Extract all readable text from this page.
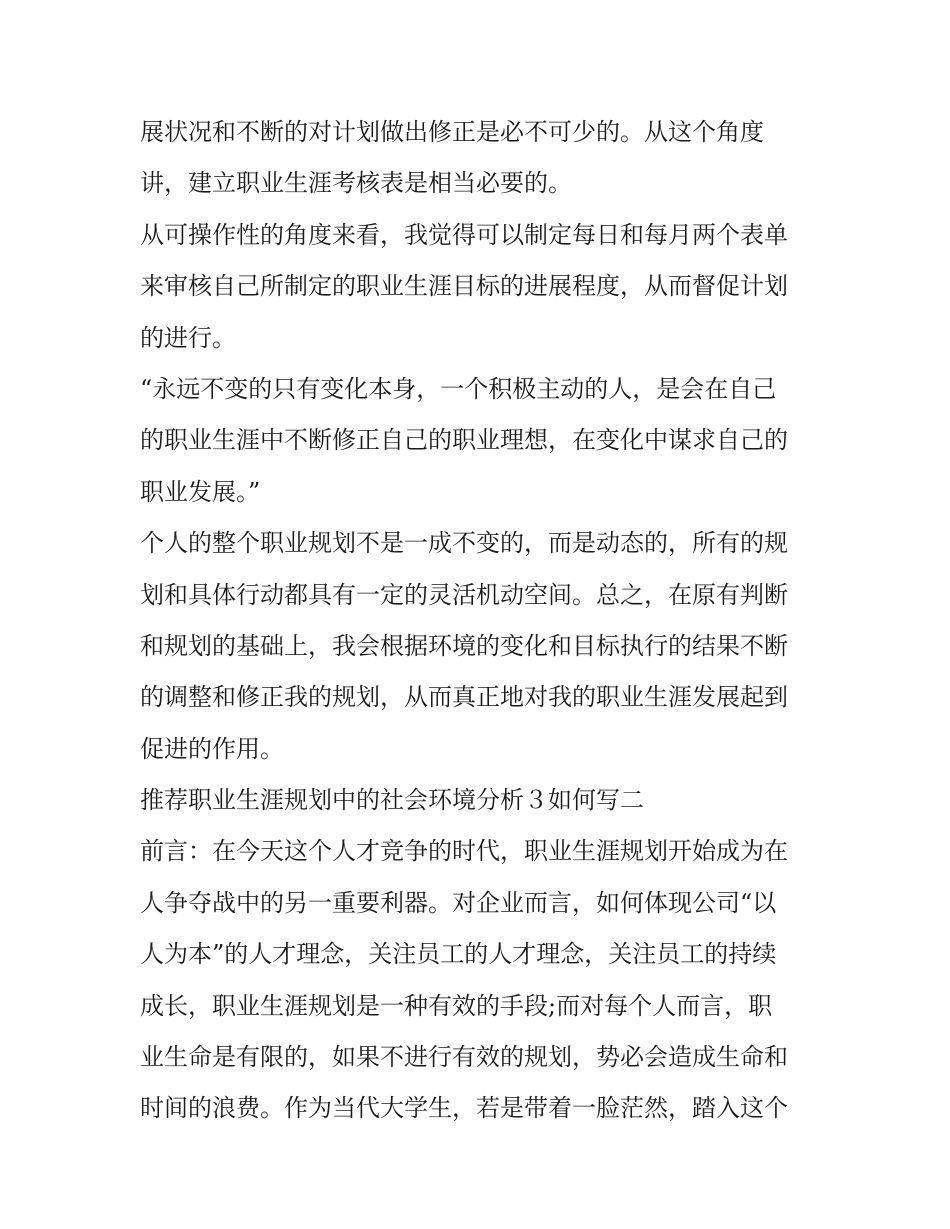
展状况和不断的对计划做出修正是必不可少的。从这个角度
讲，建立职业生涯考核表是相当必要的。
从可操作性的角度来看，我觉得可以制定每日和每月两个表单
来审核自己所制定的职业生涯目标的进展程度，从而督促计划
的进行。
“永远不变的只有变化本身，一个积极主动的人，是会在自己
的职业生涯中不断修正自己的职业理想，在变化中谋求自己的
职业发展。”
个人的整个职业规划不是一成不变的，而是动态的，所有的规
划和具体行动都具有一定的灵活机动空间。总之，在原有判断
和规划的基础上，我会根据环境的变化和目标执行的结果不断
的调整和修正我的规划，从而真正地对我的职业生涯发展起到
促进的作用。
推荐职业生涯规划中的社会环境分析３如何写二
前言：在今天这个人才竞争的时代，职业生涯规划开始成为在
人争夺战中的另一重要利器。对企业而言，如何体现公司“以
人为本”的人才理念，关注员工的人才理念，关注员工的持续
成长，职业生涯规划是一种有效的手段;而对每个人而言，职
业生命是有限的，如果不进行有效的规划，势必会造成生命和
时间的浪费。作为当代大学生，若是带着一脸茫然，踏入这个
